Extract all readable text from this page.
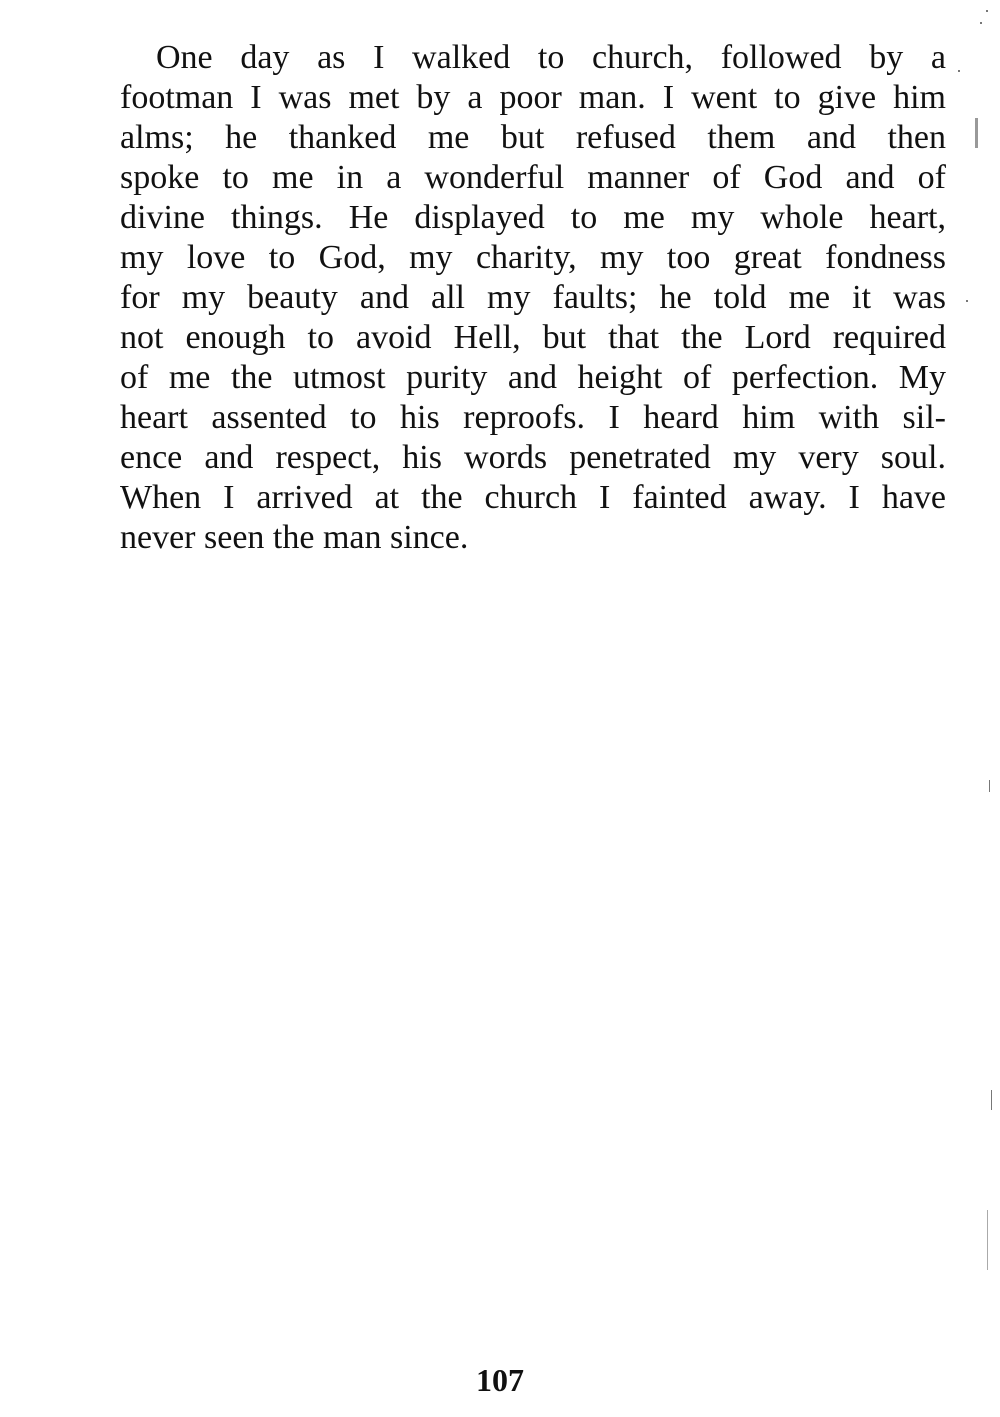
One day as I walked to church, followed by a
footman I was met by a poor man. I went to give him
alms; he thanked me but refused them and then
spoke to me in a wonderful manner of God and of
divine things. He displayed to me my whole heart,
my love to God, my charity, my too great fondness
for my beauty and all my faults; he told me it was
not enough to avoid Hell, but that the Lord required
of me the utmost purity and height of perfection. My
heart assented to his reproofs. I heard him with sil-
ence and respect, his words penetrated my very soul.
When I arrived at the church I fainted away. I have
never seen the man since.
107
